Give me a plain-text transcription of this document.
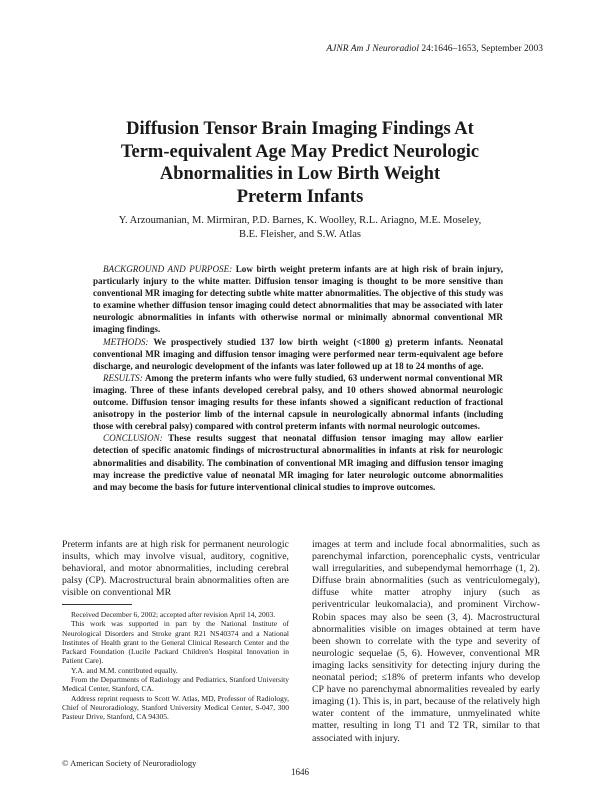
AJNR Am J Neuroradiol 24:1646–1653, September 2003
Diffusion Tensor Brain Imaging Findings At
Term-equivalent Age May Predict Neurologic
Abnormalities in Low Birth Weight
Preterm Infants
Y. Arzoumanian, M. Mirmiran, P.D. Barnes, K. Woolley, R.L. Ariagno, M.E. Moseley,
B.E. Fleisher, and S.W. Atlas

BACKGROUND AND PURPOSE: Low birth weight preterm infants are at high risk of brain injury, particularly injury to the white matter. Diffusion tensor imaging is thought to be more sensitive than conventional MR imaging for detecting subtle white matter abnormalities. The objective of this study was to examine whether diffusion tensor imaging could detect abnormalities that may be associated with later neurologic abnormalities in infants with otherwise normal or minimally abnormal conventional MR imaging findings.

METHODS: We prospectively studied 137 low birth weight (<1800 g) preterm infants. Neonatal conventional MR imaging and diffusion tensor imaging were performed near term-equivalent age before discharge, and neurologic development of the infants was later followed up at 18 to 24 months of age.

RESULTS: Among the preterm infants who were fully studied, 63 underwent normal conventional MR imaging. Three of these infants developed cerebral palsy, and 10 others showed abnormal neurologic outcome. Diffusion tensor imaging results for these infants showed a significant reduction of fractional anisotropy in the posterior limb of the internal capsule in neurologically abnormal infants (including those with cerebral palsy) compared with control preterm infants with normal neurologic outcomes.

CONCLUSION: These results suggest that neonatal diffusion tensor imaging may allow earlier detection of specific anatomic findings of microstructural abnormalities in infants at risk for neurologic abnormalities and disability. The combination of conventional MR imaging and diffusion tensor imaging may increase the predictive value of neonatal MR imaging for later neurologic outcome abnormalities and may become the basis for future interventional clinical studies to improve outcomes.

Preterm infants are at high risk for permanent neurologic insults, which may involve visual, auditory, cognitive, behavioral, and motor abnormalities, including cerebral palsy (CP). Macrostructural brain abnormalities often are visible on conventional MR

Received December 6, 2002; accepted after revision April 14, 2003.

This work was supported in part by the National Institute of Neurological Disorders and Stroke grant R21 NS40374 and a National Institutes of Health grant to the General Clinical Research Center and the Packard Foundation (Lucile Packard Children's Hospital Innovation in Patient Care).

Y.A. and M.M. contributed equally.

From the Departments of Radiology and Pediatrics, Stanford University Medical Center, Stanford, CA.

Address reprint requests to Scott W. Atlas, MD, Professor of Radiology, Chief of Neuroradiology, Stanford University Medical Center, S-047, 300 Pasteur Drive, Stanford, CA 94305.

© American Society of Neuroradiology

images at term and include focal abnormalities, such as parenchymal infarction, porencephalic cysts, ventricular wall irregularities, and subependymal hemorrhage (1, 2). Diffuse brain abnormalities (such as ventriculomegaly), diffuse white matter atrophy injury (such as periventricular leukomalacia), and prominent Virchow-Robin spaces may also be seen (3, 4). Macrostructural abnormalities visible on images obtained at term have been shown to correlate with the type and severity of neurologic sequelae (5, 6). However, conventional MR imaging lacks sensitivity for detecting injury during the neonatal period; ≤18% of preterm infants who develop CP have no parenchymal abnormalities revealed by early imaging (1). This is, in part, because of the relatively high water content of the immature, unmyelinated white matter, resulting in long T1 and T2 TR, similar to that associated with injury.

1646
